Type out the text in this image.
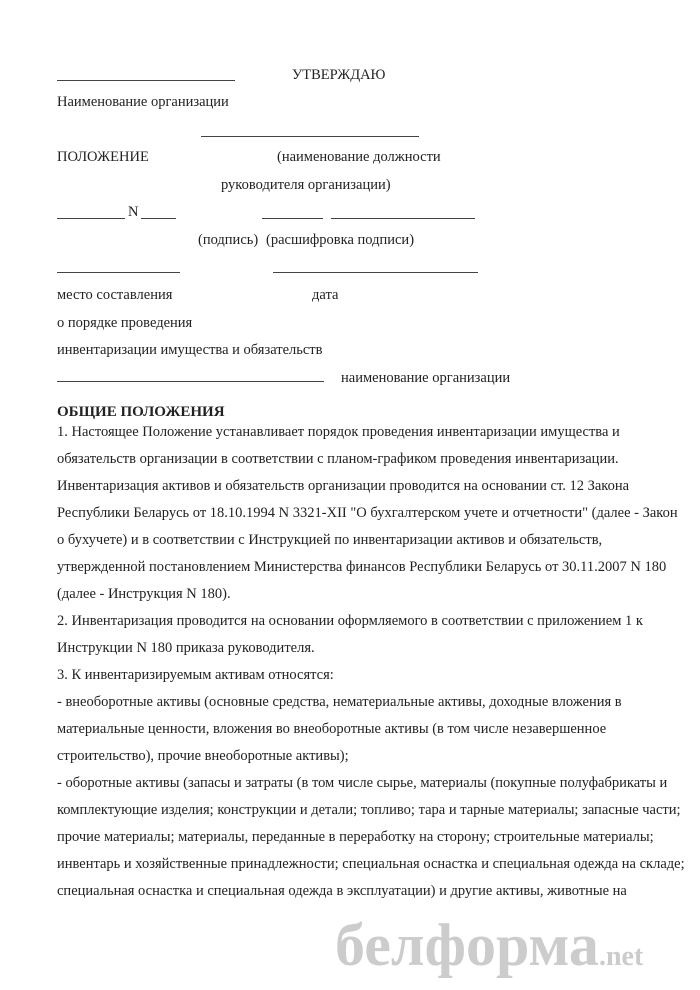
УТВЕРЖДАЮ
Наименование организации
ПОЛОЖЕНИЕ	(наименование должности
руководителя организации)
N
(подпись) (расшифровка подписи)
место составления	дата
о порядке проведения
инвентаризации имущества и обязательств
наименование организации
ОБЩИЕ ПОЛОЖЕНИЯ
1. Настоящее Положение устанавливает порядок проведения инвентаризации имущества и
обязательств организации в соответствии с планом-графиком проведения инвентаризации.
Инвентаризация активов и обязательств организации проводится на основании ст. 12 Закона
Республики Беларусь от 18.10.1994 N 3321-XII "О бухгалтерском учете и отчетности" (далее - Закон
о бухучете) и в соответствии с Инструкцией по инвентаризации активов и обязательств,
утвержденной постановлением Министерства финансов Республики Беларусь от 30.11.2007 N 180
(далее - Инструкция N 180).
2. Инвентаризация проводится на основании оформляемого в соответствии с приложением 1 к
Инструкции N 180 приказа руководителя.
3. К инвентаризируемым активам относятся:
- внеоборотные активы (основные средства, нематериальные активы, доходные вложения в
материальные ценности, вложения во внеоборотные активы (в том числе незавершенное
строительство), прочие внеоборотные активы);
- оборотные активы (запасы и затраты (в том числе сырье, материалы (покупные полуфабрикаты и
комплектующие изделия; конструкции и детали; топливо; тара и тарные материалы; запасные части;
прочие материалы; материалы, переданные в переработку на сторону; строительные материалы;
инвентарь и хозяйственные принадлежности; специальная оснастка и специальная одежда на складе;
специальная оснастка и специальная одежда в эксплуатации) и другие активы, животные на
белформа.net
